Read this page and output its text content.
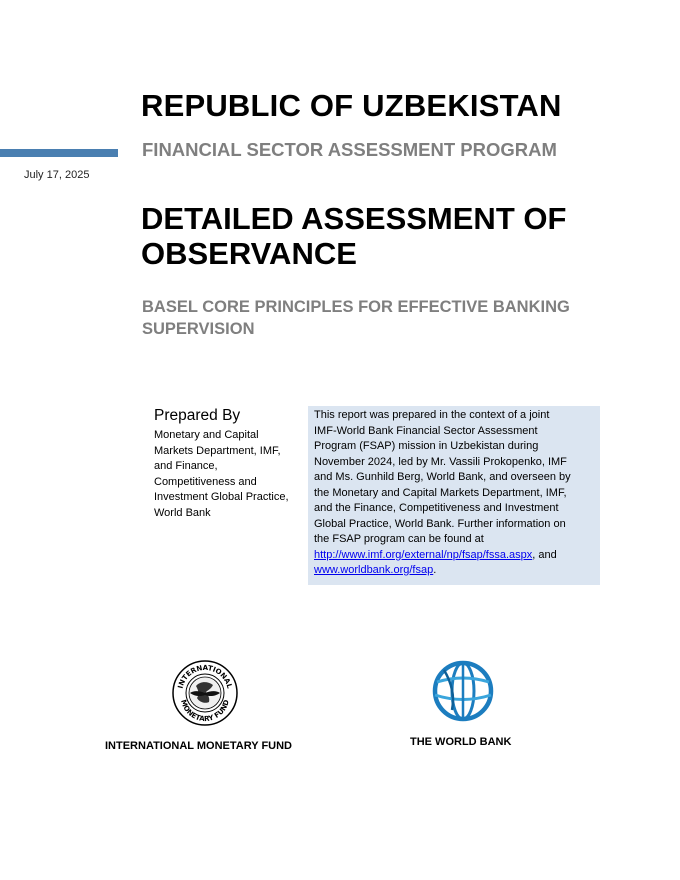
July 17, 2025
REPUBLIC OF UZBEKISTAN
FINANCIAL SECTOR ASSESSMENT PROGRAM
DETAILED ASSESSMENT OF
OBSERVANCE
BASEL CORE PRINCIPLES FOR EFFECTIVE BANKING
SUPERVISION
Prepared By
Monetary and Capital
Markets Department, IMF,
and Finance,
Competitiveness and
Investment Global Practice,
World Bank
This report was prepared in the context of a joint
IMF-World Bank Financial Sector Assessment
Program (FSAP) mission in Uzbekistan during
November 2024, led by Mr. Vassili Prokopenko, IMF
and Ms. Gunhild Berg, World Bank, and overseen by
the Monetary and Capital Markets Department, IMF,
and the Finance, Competitiveness and Investment
Global Practice, World Bank. Further information on
the FSAP program can be found at
http://www.imf.org/external/np/fsap/fssa.aspx, and
www.worldbank.org/fsap.
INTERNATIONAL
MONETARY FUND
INTERNATIONAL MONETARY FUND	THE WORLD BANK
